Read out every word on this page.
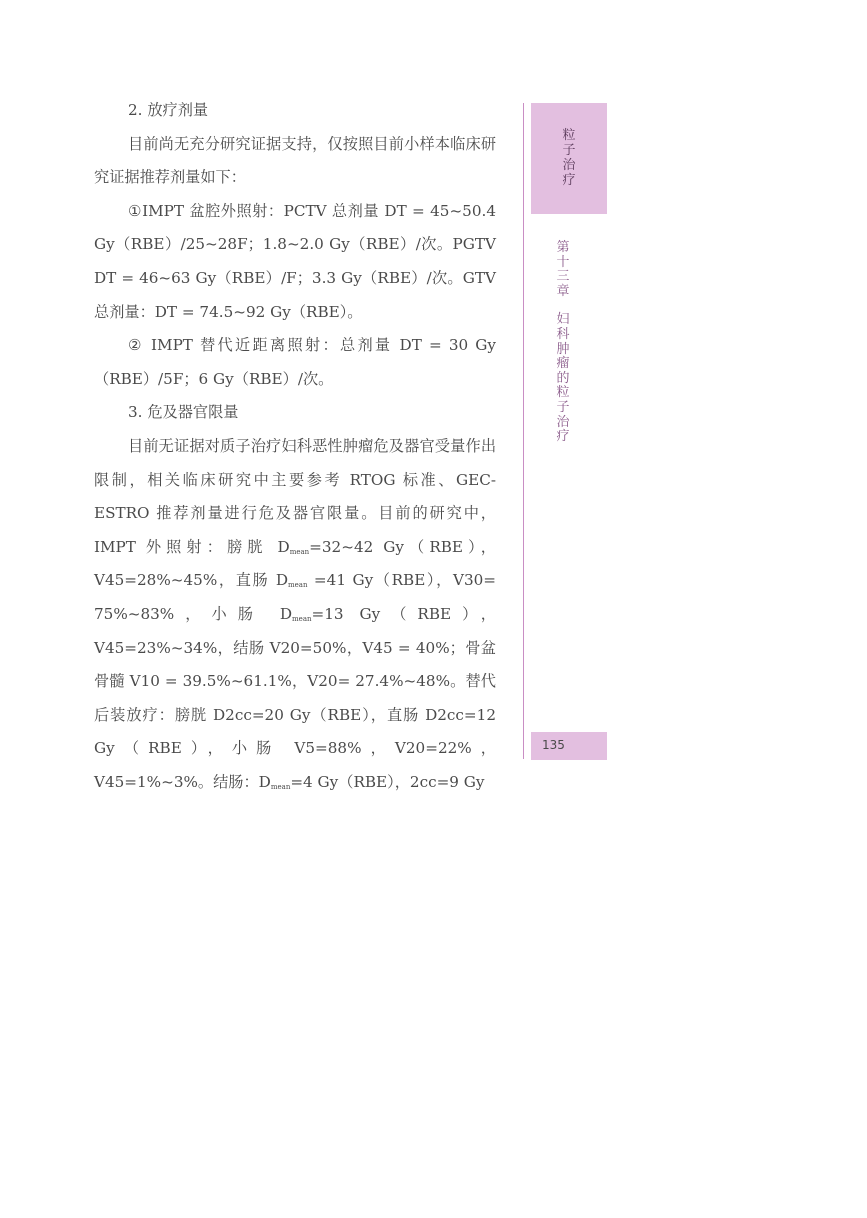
2. 放疗剂量

目前尚无充分研究证据支持，仅按照目前小样本临床研究证据推荐剂量如下：

①IMPT 盆腔外照射：PCTV 总剂量 DT = 45~50.4 Gy（RBE）/25~28F；1.8~2.0 Gy（RBE）/次。PGTV DT = 46~63 Gy（RBE）/F；3.3 Gy（RBE）/次。GTV 总剂量：DT = 74.5~92 Gy（RBE）。

② IMPT 替代近距离照射：总剂量 DT = 30 Gy（RBE）/5F；6 Gy（RBE）/次。

3. 危及器官限量

目前无证据对质子治疗妇科恶性肿瘤危及器官受量作出限制，相关临床研究中主要参考 RTOG 标准、GEC-ESTRO 推荐剂量进行危及器官限量。目前的研究中，IMPT 外照射：膀胱 $D_{mean}=32\sim 42$ Gy（RBE），V45=28%~45%，直肠 $D_{mean} =41$ Gy（RBE），V30= 75%~83%，小肠 $D_{mean}=13$ Gy（RBE），V45=23%~34%，结肠 V20=50%，V45 = 40%；骨盆骨髓 V10 = 39.5%~61.1%，V20= 27.4%~48%。替代后装放疗：膀胱 D2cc=20 Gy（RBE），直肠 D2cc=12 Gy（RBE），小肠 V5=88%，V20=22%，V45=1%~3%。结肠：$D_{mean}=4$ Gy（RBE），2cc=9 Gy

粒子治疗
第十三章
妇科肿瘤的粒子治疗
135
